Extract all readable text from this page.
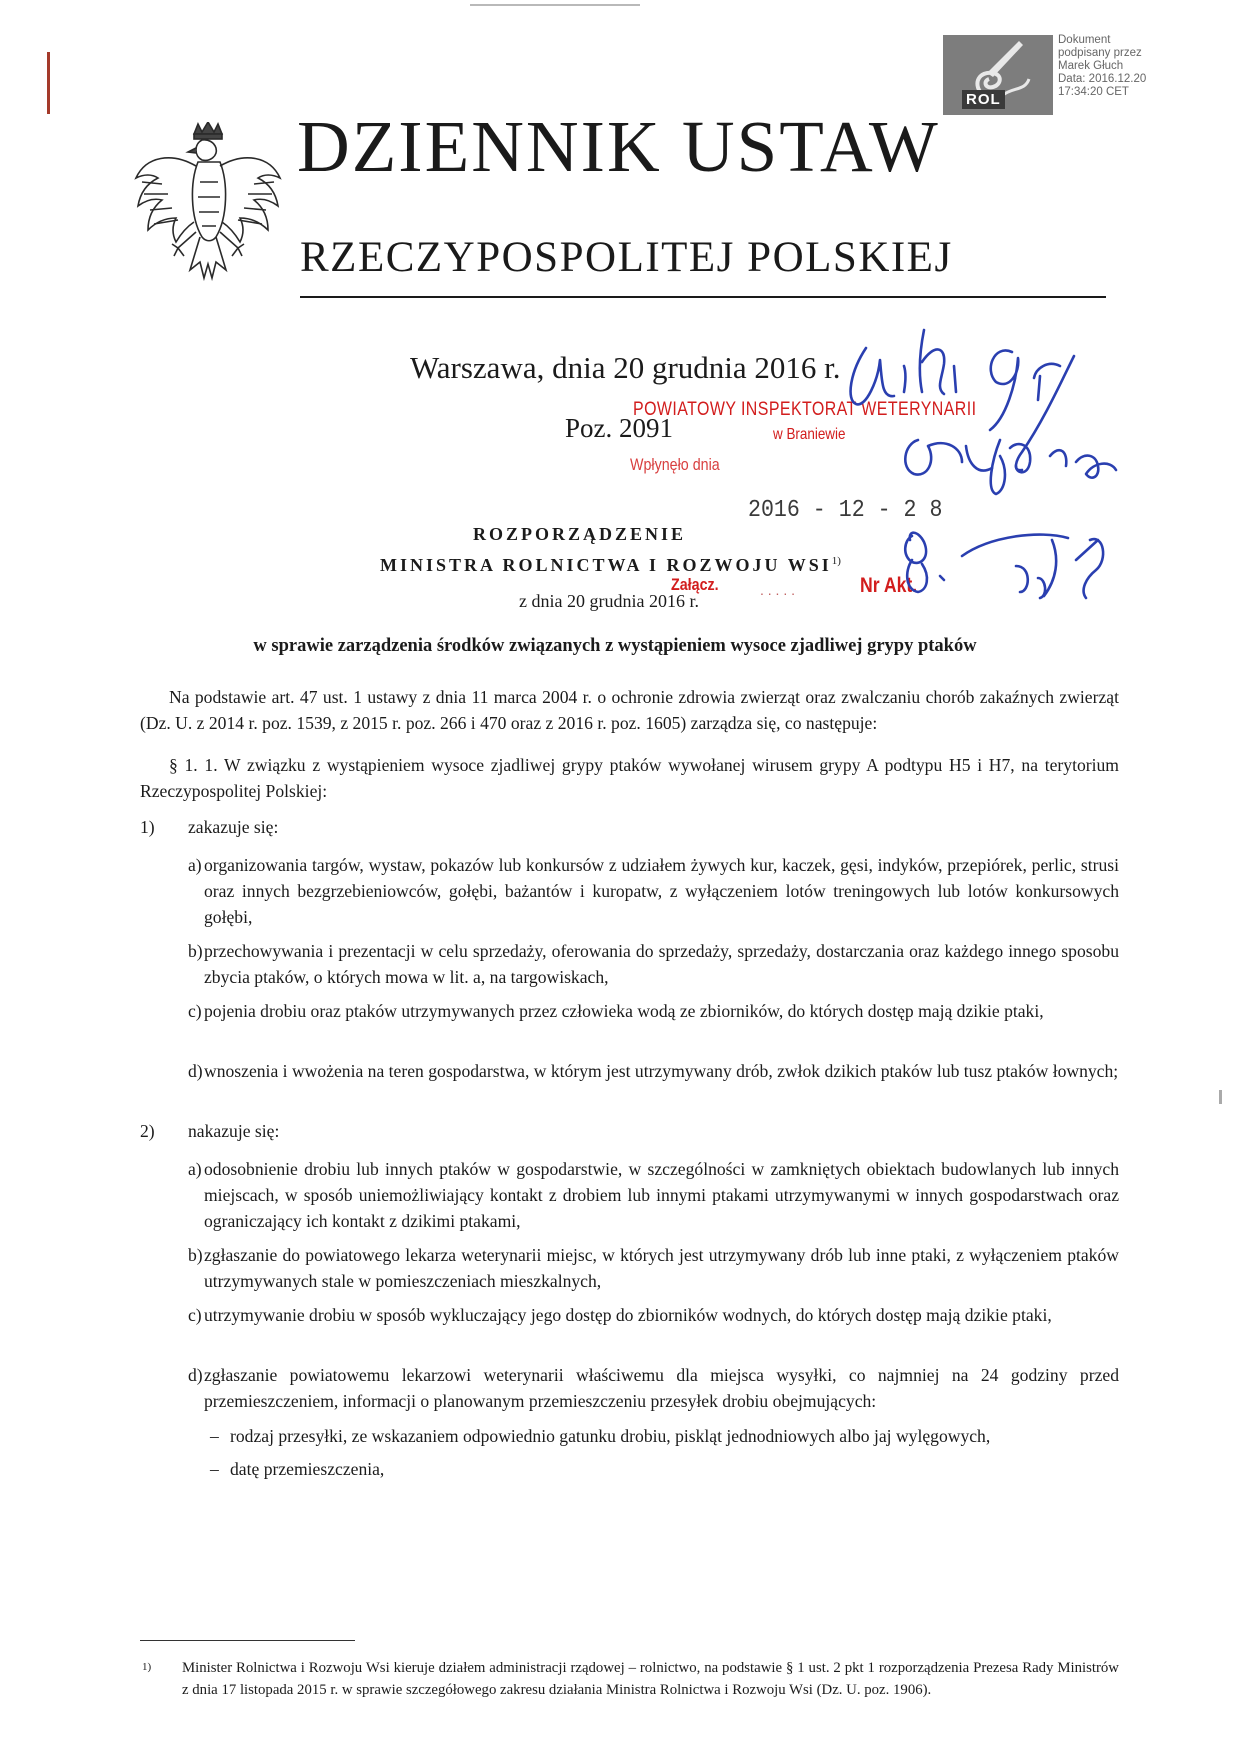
ROL
Dokument
podpisany przez
Marek Głuch
Data: 2016.12.20
17:34:20 CET
DZIENNIK USTAW
RZECZYPOSPOLITEJ POLSKIEJ
Warszawa, dnia 20 grudnia 2016 r.
Poz. 2091
POWIATOWY INSPEKTORAT WETERYNARII
w Braniewie
Wpłynęło dnia
2016 - 12 - 2 8
ROZPORZĄDZENIE
MINISTRA ROLNICTWA I ROZWOJU WSI$^{1)}$
Załącz.	. . . . .	Nr Akt.
z dnia 20 grudnia 2016 r.
w sprawie zarządzenia środków związanych z wystąpieniem wysoce zjadliwej grypy ptaków
Na podstawie art. 47 ust. 1 ustawy z dnia 11 marca 2004 r. o ochronie zdrowia zwierząt oraz zwalczaniu chorób zakaźnych zwierząt (Dz. U. z 2014 r. poz. 1539, z 2015 r. poz. 266 i 470 oraz z 2016 r. poz. 1605) zarządza się, co następuje:
§ 1. 1. W związku z wystąpieniem wysoce zjadliwej grypy ptaków wywołanej wirusem grypy A podtypu H5 i H7, na terytorium Rzeczypospolitej Polskiej:
1) zakazuje się:
a) organizowania targów, wystaw, pokazów lub konkursów z udziałem żywych kur, kaczek, gęsi, indyków, przepiórek, perlic, strusi oraz innych bezgrzebieniowców, gołębi, bażantów i kuropatw, z wyłączeniem lotów treningowych lub lotów konkursowych gołębi,
b) przechowywania i prezentacji w celu sprzedaży, oferowania do sprzedaży, sprzedaży, dostarczania oraz każdego innego sposobu zbycia ptaków, o których mowa w lit. a, na targowiskach,
c) pojenia drobiu oraz ptaków utrzymywanych przez człowieka wodą ze zbiorników, do których dostęp mają dzikie ptaki,
d) wnoszenia i wwożenia na teren gospodarstwa, w którym jest utrzymywany drób, zwłok dzikich ptaków lub tusz ptaków łownych;
2) nakazuje się:
a) odosobnienie drobiu lub innych ptaków w gospodarstwie, w szczególności w zamkniętych obiektach budowlanych lub innych miejscach, w sposób uniemożliwiający kontakt z drobiem lub innymi ptakami utrzymywanymi w innych gospodarstwach oraz ograniczający ich kontakt z dzikimi ptakami,
b) zgłaszanie do powiatowego lekarza weterynarii miejsc, w których jest utrzymywany drób lub inne ptaki, z wyłączeniem ptaków utrzymywanych stale w pomieszczeniach mieszkalnych,
c) utrzymywanie drobiu w sposób wykluczający jego dostęp do zbiorników wodnych, do których dostęp mają dzikie ptaki,
d) zgłaszanie powiatowemu lekarzowi weterynarii właściwemu dla miejsca wysyłki, co najmniej na 24 godziny przed przemieszczeniem, informacji o planowanym przemieszczeniu przesyłek drobiu obejmujących:
– rodzaj przesyłki, ze wskazaniem odpowiednio gatunku drobiu, piskląt jednodniowych albo jaj wylęgowych,
– datę przemieszczenia,
1) Minister Rolnictwa i Rozwoju Wsi kieruje działem administracji rządowej – rolnictwo, na podstawie § 1 ust. 2 pkt 1 rozporządzenia Prezesa Rady Ministrów z dnia 17 listopada 2015 r. w sprawie szczegółowego zakresu działania Ministra Rolnictwa i Rozwoju Wsi (Dz. U. poz. 1906).
